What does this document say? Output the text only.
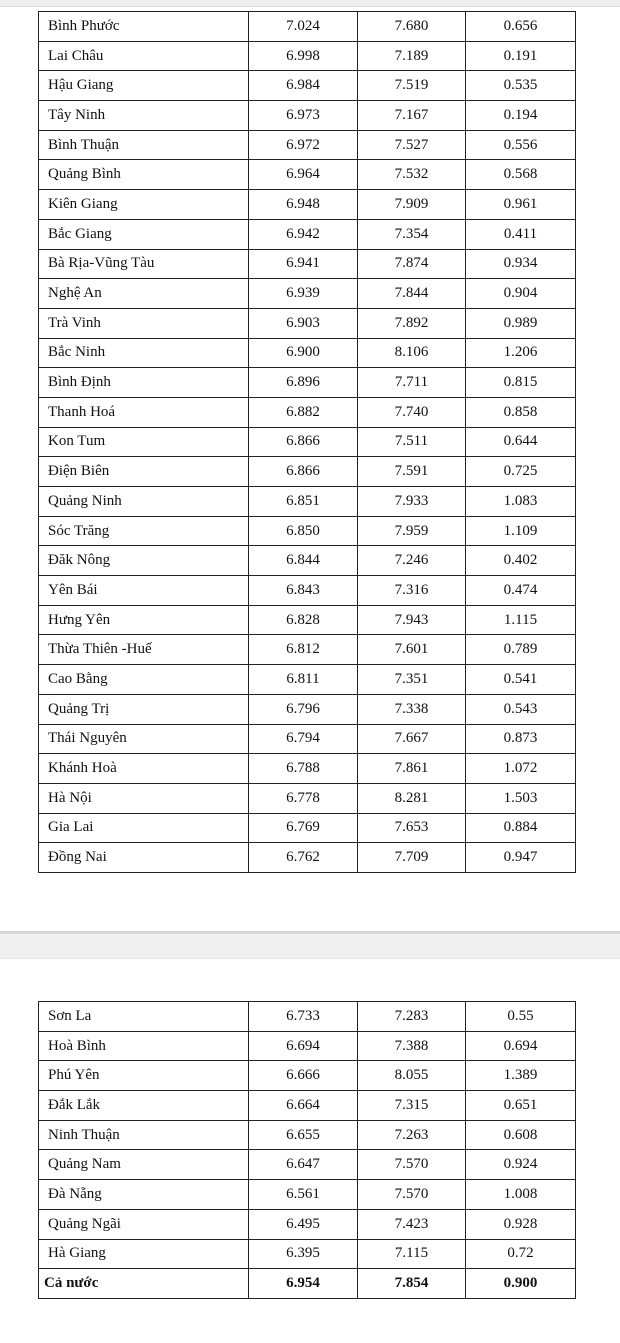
Bình Phước	7.024	7.680	0.656
Lai Châu	6.998	7.189	0.191
Hậu Giang	6.984	7.519	0.535
Tây Ninh	6.973	7.167	0.194
Bình Thuận	6.972	7.527	0.556
Quảng Bình	6.964	7.532	0.568
Kiên Giang	6.948	7.909	0.961
Bắc Giang	6.942	7.354	0.411
Bà Rịa-Vũng Tàu	6.941	7.874	0.934
Nghệ An	6.939	7.844	0.904
Trà Vinh	6.903	7.892	0.989
Bắc Ninh	6.900	8.106	1.206
Bình Định	6.896	7.711	0.815
Thanh Hoá	6.882	7.740	0.858
Kon Tum	6.866	7.511	0.644
Điện Biên	6.866	7.591	0.725
Quảng Ninh	6.851	7.933	1.083
Sóc Trăng	6.850	7.959	1.109
Đăk Nông	6.844	7.246	0.402
Yên Bái	6.843	7.316	0.474
Hưng Yên	6.828	7.943	1.115
Thừa Thiên -Huế	6.812	7.601	0.789
Cao Bằng	6.811	7.351	0.541
Quảng Trị	6.796	7.338	0.543
Thái Nguyên	6.794	7.667	0.873
Khánh Hoà	6.788	7.861	1.072
Hà Nội	6.778	8.281	1.503
Gia Lai	6.769	7.653	0.884
Đồng Nai	6.762	7.709	0.947
Sơn La	6.733	7.283	0.55
Hoà Bình	6.694	7.388	0.694
Phú Yên	6.666	8.055	1.389
Đắk Lắk	6.664	7.315	0.651
Ninh Thuận	6.655	7.263	0.608
Quảng Nam	6.647	7.570	0.924
Đà Nẵng	6.561	7.570	1.008
Quảng Ngãi	6.495	7.423	0.928
Hà Giang	6.395	7.115	0.72
Cả nước	6.954	7.854	0.900
